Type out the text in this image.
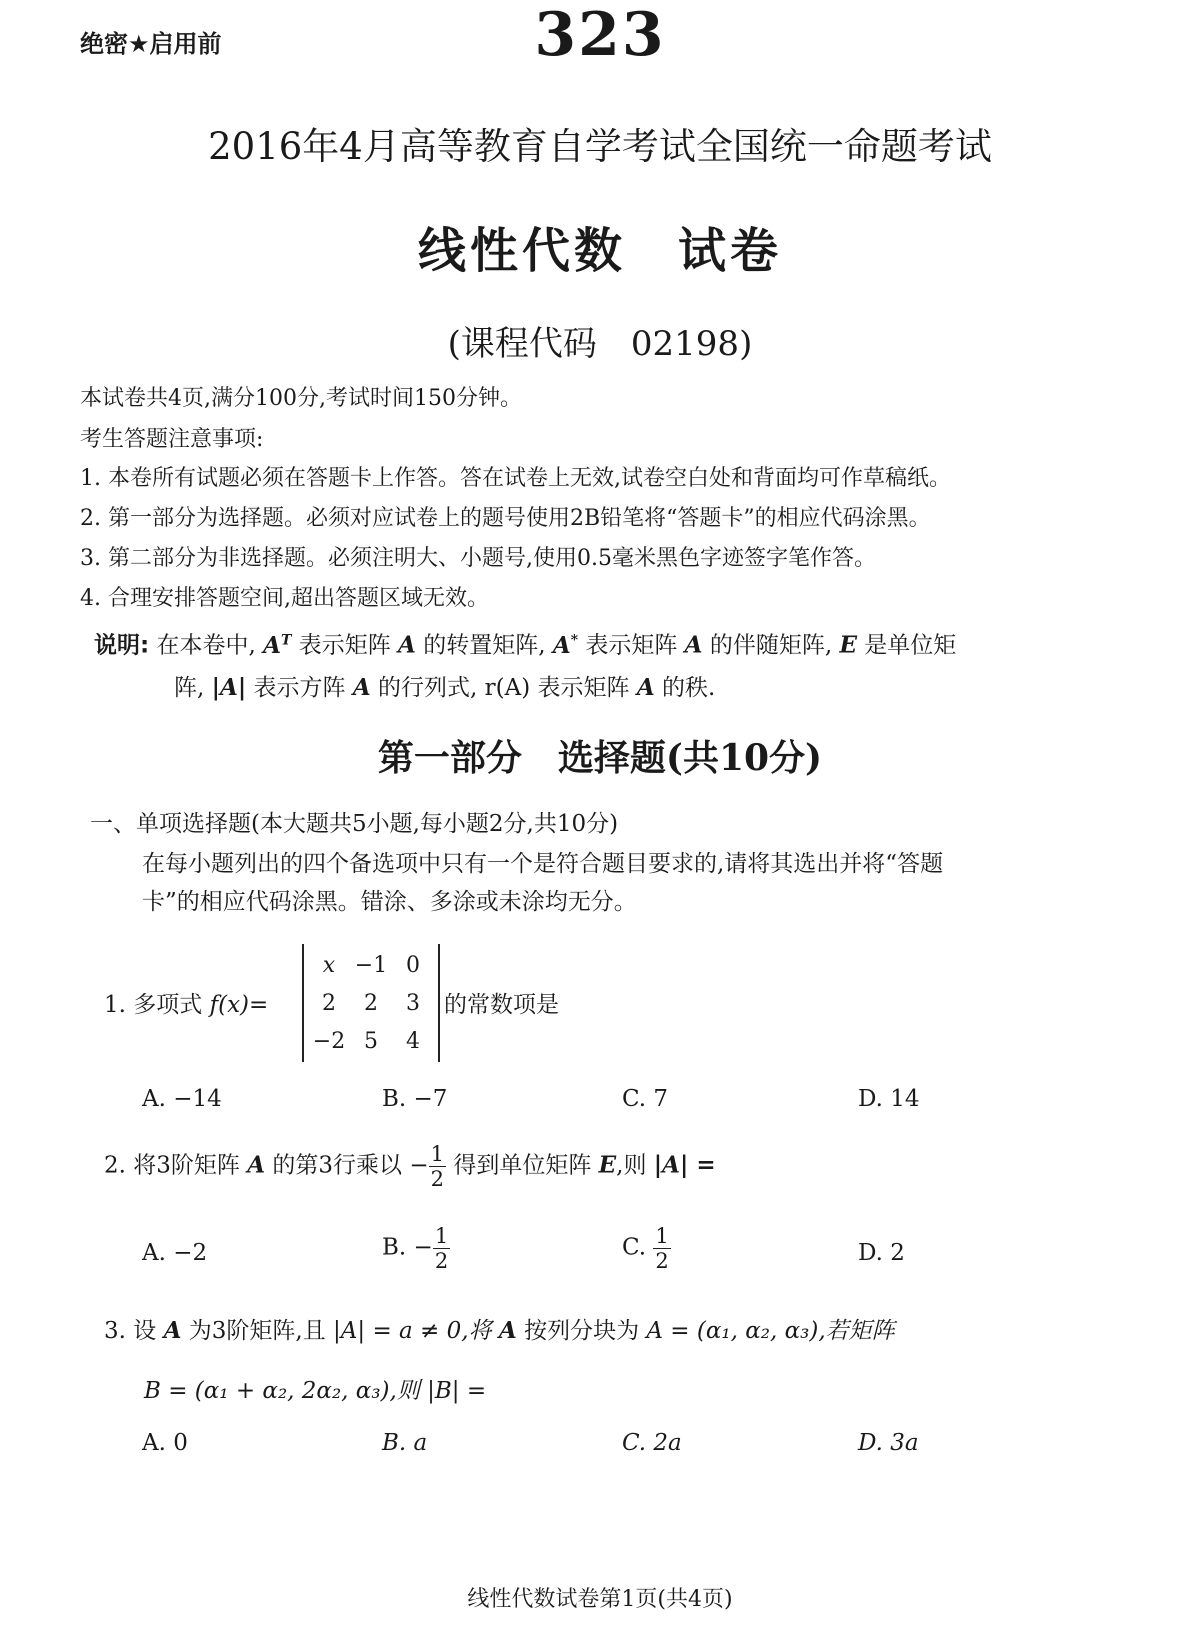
绝密★启用前	323
2016年4月高等教育自学考试全国统一命题考试
线性代数　试卷
(课程代码　02198)
本试卷共4页,满分100分,考试时间150分钟。
考生答题注意事项:
1. 本卷所有试题必须在答题卡上作答。答在试卷上无效,试卷空白处和背面均可作草稿纸。
2. 第一部分为选择题。必须对应试卷上的题号使用2B铅笔将“答题卡”的相应代码涂黑。
3. 第二部分为非选择题。必须注明大、小题号,使用0.5毫米黑色字迹签字笔作答。
4. 合理安排答题空间,超出答题区域无效。
说明: 在本卷中, $A^T$ 表示矩阵 A 的转置矩阵, A* 表示矩阵 A 的伴随矩阵, E 是单位矩
阵, |A| 表示方阵 A 的行列式, r(A) 表示矩阵 A 的秩.
第一部分　选择题(共10分)
一、单项选择题(本大题共5小题,每小题2分,共10分)
在每小题列出的四个备选项中只有一个是符合题目要求的,请将其选出并将“答题
卡”的相应代码涂黑。错涂、多涂或未涂均无分。
1. 多项式 f(x)=
x	−1	0
2	2	3
−2	5	4
的常数项是
A. −14	B. −7	C. 7	D. 14
2. 将3阶矩阵 A 的第3行乘以 − $\frac{1}{2}$ 得到单位矩阵 E,则 |A| =
A. −2	B. − $\frac{1}{2}$	C. $\frac{1}{2}$	D. 2
3. 设 A 为3阶矩阵,且 |A| = a ≠ 0,将 A 按列分块为 A = (α₁, α₂, α₃),若矩阵
B = (α₁ + α₂, 2α₂, α₃),则 |B| =
A. 0	B. a	C. 2a	D. 3a
线性代数试卷第1页(共4页)
